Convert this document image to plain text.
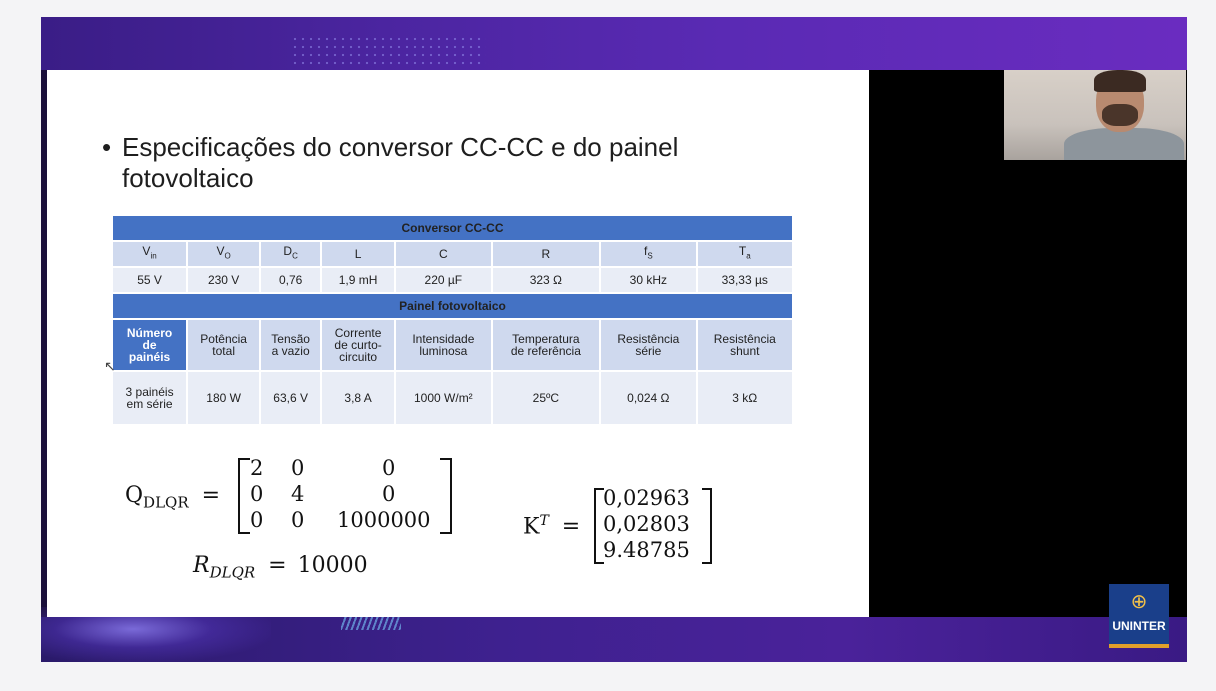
• Especificações do conversor CC-CC e do painel fotovoltaico
Conversor CC-CC							
$V_{in}$	$V_O$	$D_C$	L	C	R	$f_S$	$T_a$
55 V	230 V	0,76	1,9 mH	220 µF	323 Ω	30 kHz	33,33 µs
Painel fotovoltaico							
Número
de
painéis	Potência
total	Tensão
a vazio	Corrente
de curto-
circuito	Intensidade
luminosa	Temperatura
de referência	Resistência
série	Resistência
shunt
3 painéis
em série	180 W	63,6 V	3,8 A	1000 W/m²	25ºC	0,024 Ω	3 kΩ
$Q_{DLQR}$ =
2 0	0
0 4	0
0 0 1000000
$R_{DLQR} = 10000$
$K^T$ =
0,02963
0,02803
9.48785
⊕
UNINTER
↖
